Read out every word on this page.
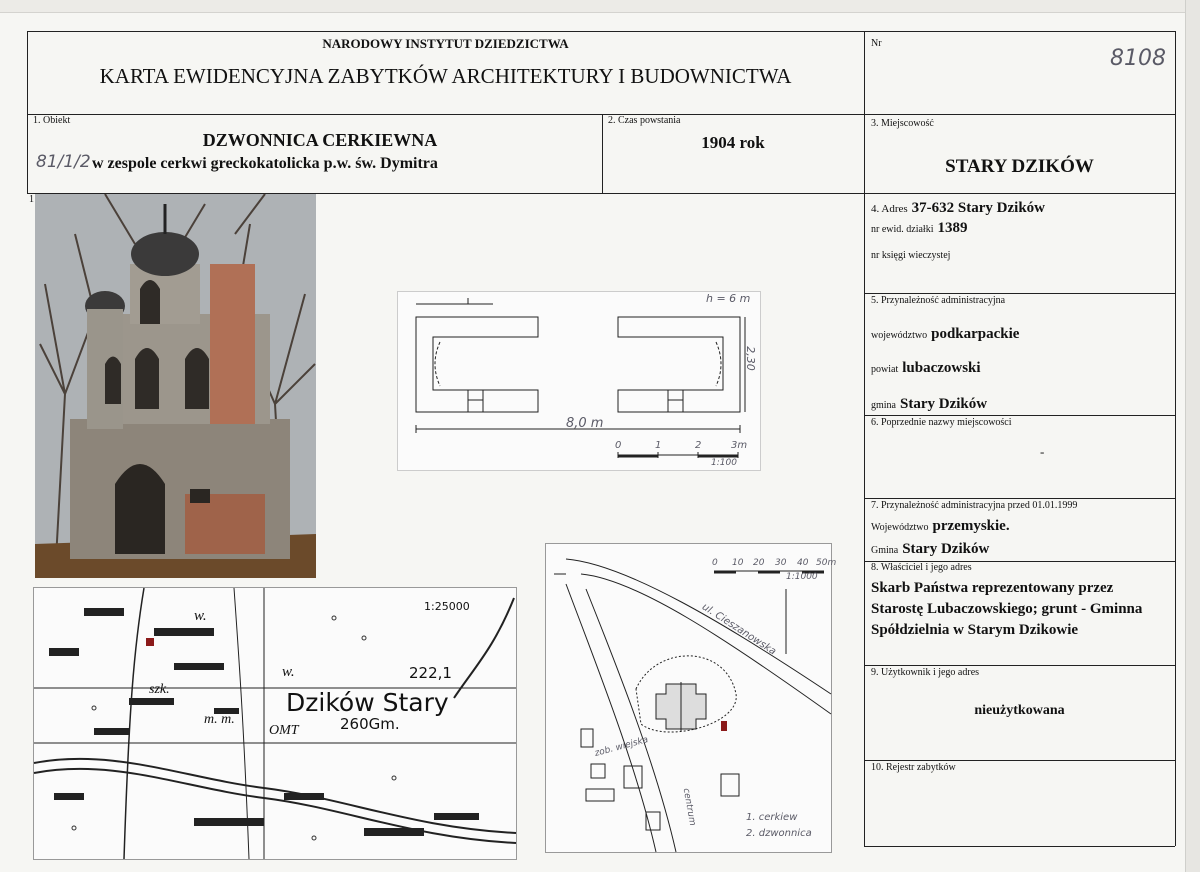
NARODOWY INSTYTUT DZIEDZICTWA
KARTA EWIDENCYJNA ZABYTKÓW ARCHITEKTURY I BUDOWNICTWA
Nr
8108
1. Obiekt
DZWONNICA CERKIEWNA
w zespole cerkwi greckokatolicka p.w. św. Dymitra
81/1/2
2. Czas powstania
1904 rok
3. Miejscowość
STARY DZIKÓW
1
h = 6 m
8,0 m
2,30
0	1	2	3m
1:100
1:25000
Dzików Stary
222,1
260Gm.
w.
w.
szk.
m. m.
OMT
0 10 20 30 40 50m
1:1000
ul. Cieszanowska
zob. wiejska
centrum	1. cerkiew
2. dzwonnica
4. Adres 37-632 Stary Dzików
nr ewid. działki 1389
nr księgi wieczystej
5. Przynależność administracyjna
województwo podkarpackie
powiat lubaczowski
gmina Stary Dzików
6. Poprzednie nazwy miejscowości
-
7. Przynależność administracyjna przed 01.01.1999
Województwo przemyskie.
Gmina Stary Dzików
8. Właściciel i jego adres
Skarb Państwa reprezentowany przez Starostę Lubaczowskiego; grunt - Gminna Spółdzielnia w Starym Dzikowie
9. Użytkownik i jego adres
nieużytkowana
10. Rejestr zabytków
